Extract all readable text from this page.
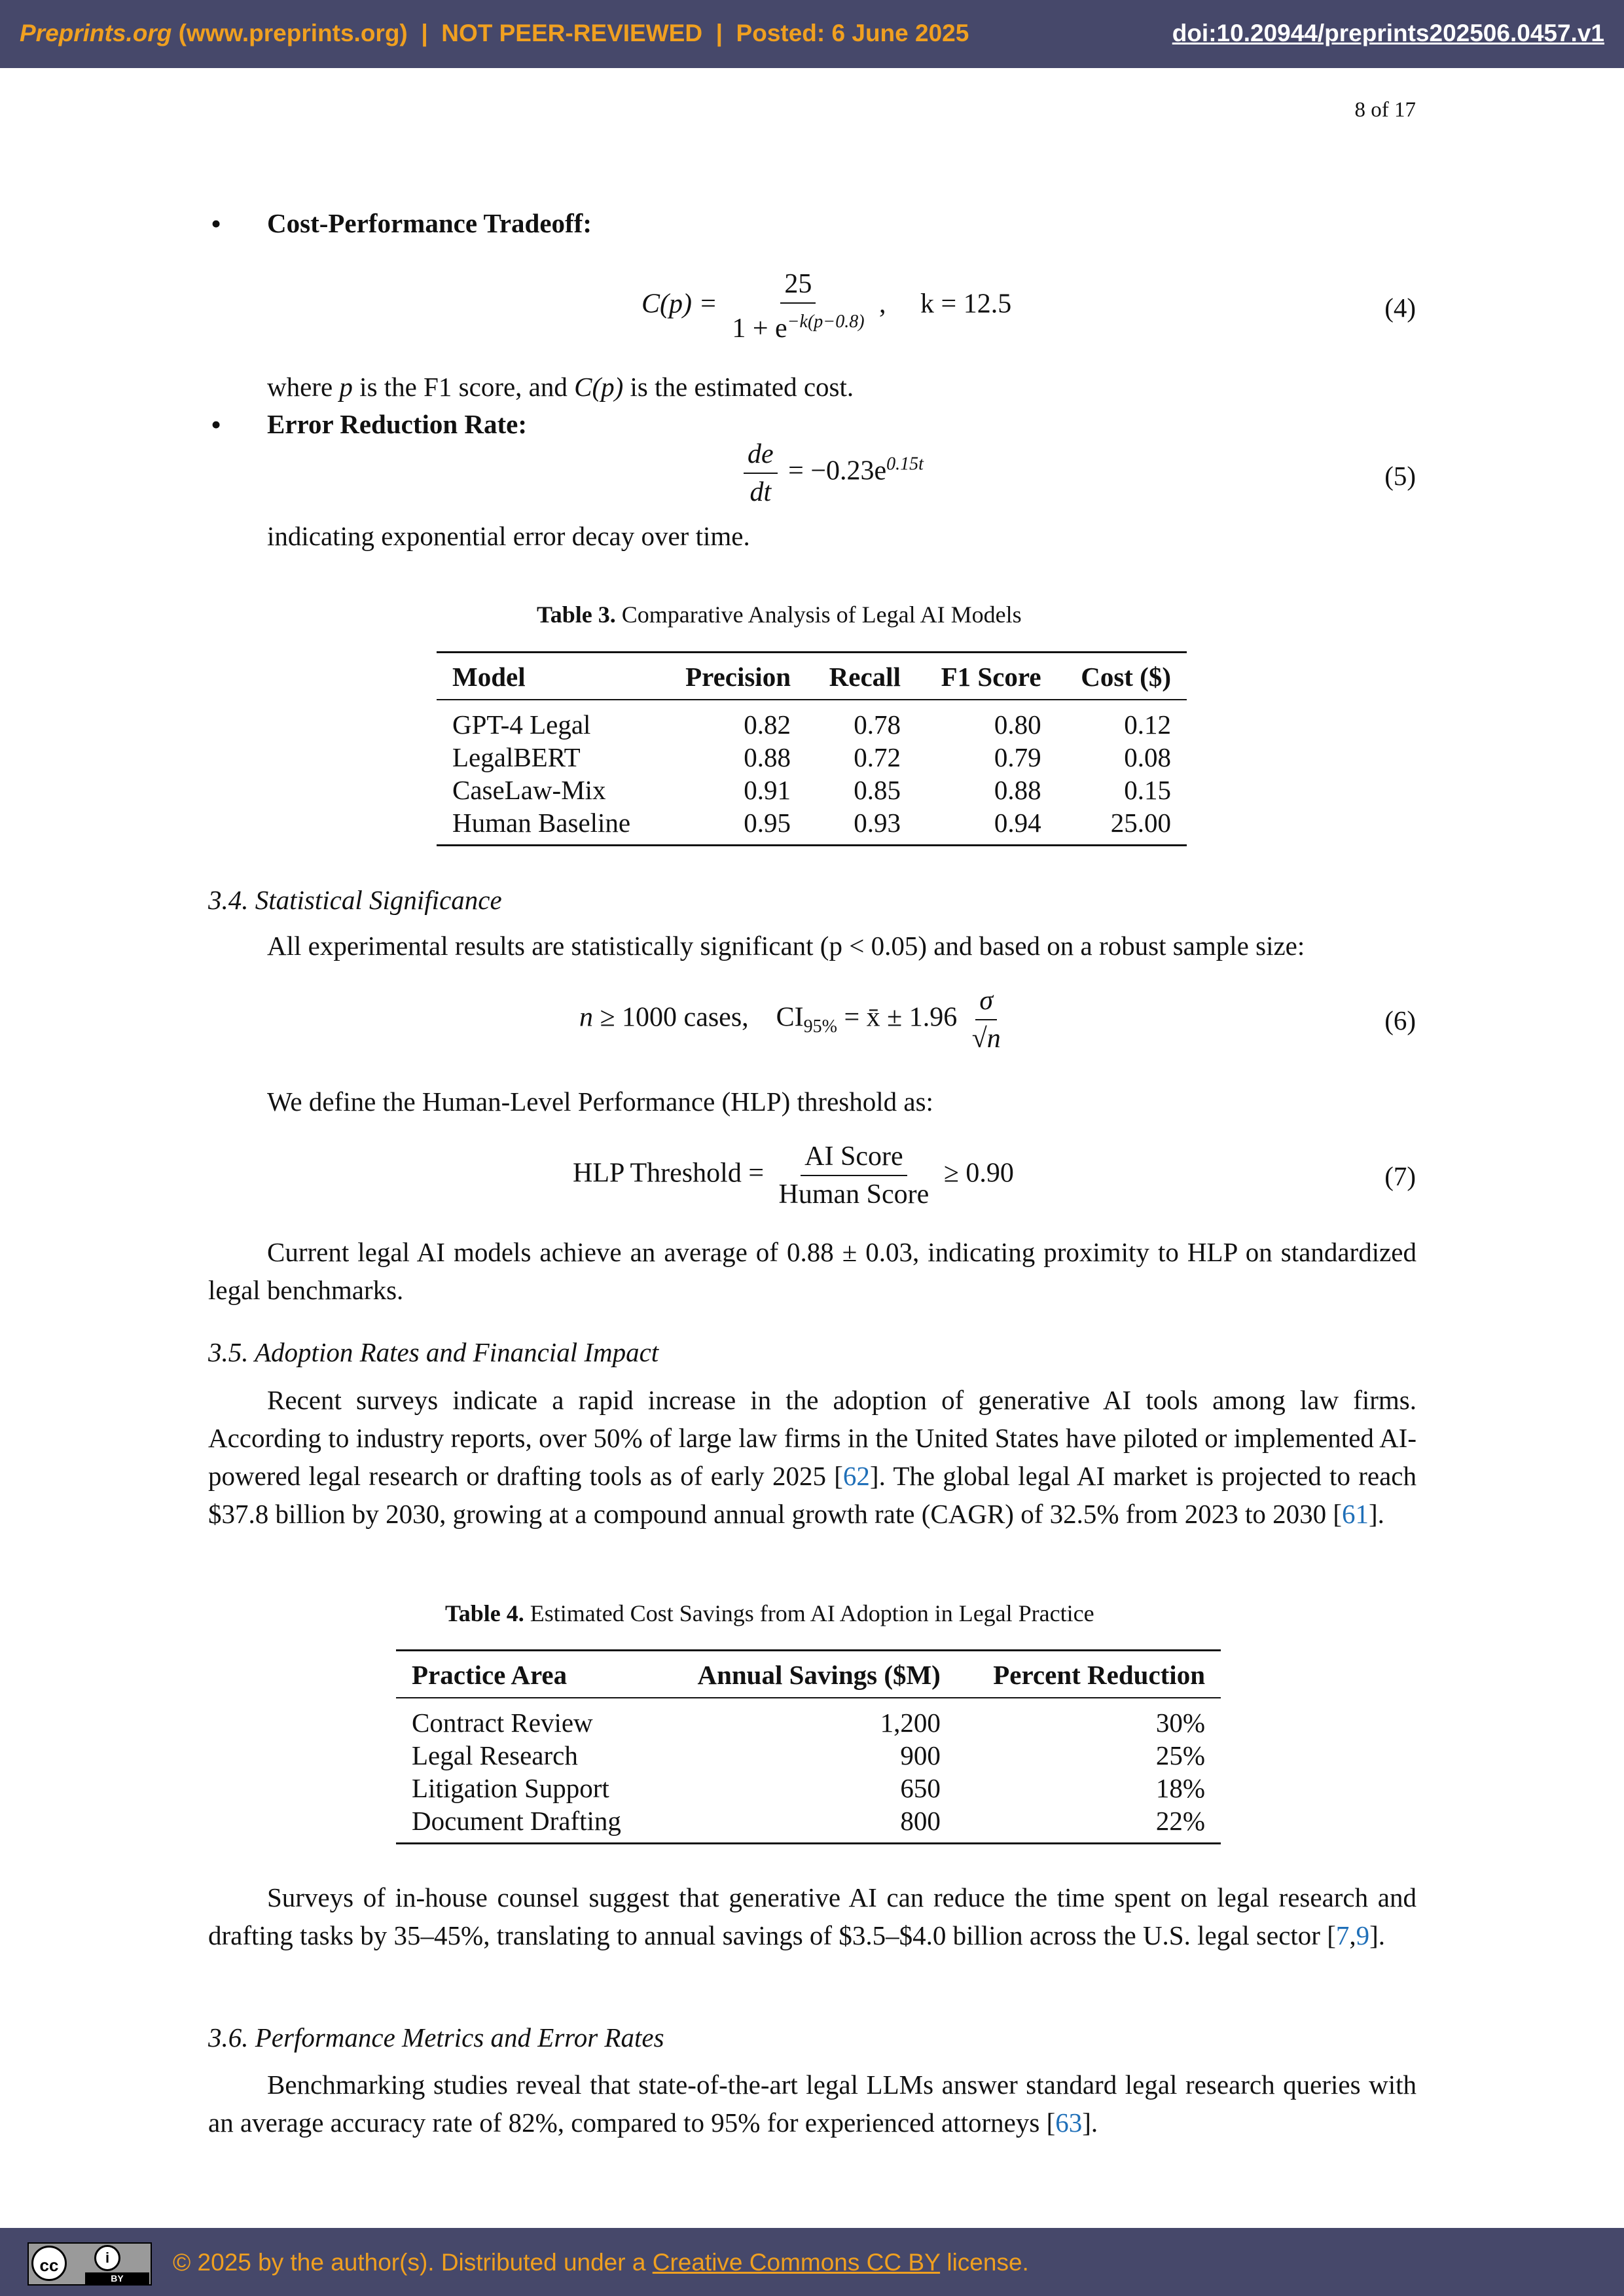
Preprints.org (www.preprints.org) | NOT PEER-REVIEWED | Posted: 6 June 2025	doi:10.20944/preprints202506.0457.v1
8 of 17
• Cost-Performance Tradeoff:
$C(p) = \frac{25}{1 + e^{-k(p-0.8)}}$ ,     k = 12.5	(4)
where p is the F1 score, and C(p) is the estimated cost.
• Error Reduction Rate:
$\frac{de}{dt} = -0.23e^{0.15t}$	(5)
indicating exponential error decay over time.
Table 3. Comparative Analysis of Legal AI Models
Model	Precision	Recall	F1 Score	Cost ($)
GPT-4 Legal	0.82	0.78	0.80	0.12
LegalBERT	0.88	0.72	0.79	0.08
CaseLaw-Mix	0.91	0.85	0.88	0.15
Human Baseline	0.95	0.93	0.94	25.00
3.4. Statistical Significance
All experimental results are statistically significant (p < 0.05) and based on a robust sample size:
n ≥ 1000 cases, $CI_{95\%}$ = x̄ ± $1.96 \frac{\sigma}{√n}$	(6)
We define the Human-Level Performance (HLP) threshold as:
HLP Threshold = $\frac{\text{AI Score}}{\text{Human Score}} \ge 0.90$	(7)
Current legal AI models achieve an average of 0.88 ± 0.03, indicating proximity to HLP on standardized legal benchmarks.
3.5. Adoption Rates and Financial Impact
Recent surveys indicate a rapid increase in the adoption of generative AI tools among law firms. According to industry reports, over 50% of large law firms in the United States have piloted or implemented AI-powered legal research or drafting tools as of early 2025 [62]. The global legal AI market is projected to reach $37.8 billion by 2030, growing at a compound annual growth rate (CAGR) of 32.5% from 2023 to 2030 [61].
Table 4. Estimated Cost Savings from AI Adoption in Legal Practice
Practice Area	Annual Savings ($M)	Percent Reduction
Contract Review	1,200	30%
Legal Research	900	25%
Litigation Support	650	18%
Document Drafting	800	22%
Surveys of in-house counsel suggest that generative AI can reduce the time spent on legal research and drafting tasks by 35–45%, translating to annual savings of $3.5–$4.0 billion across the U.S. legal sector [7,9].
3.6. Performance Metrics and Error Rates
Benchmarking studies reveal that state-of-the-art legal LLMs answer standard legal research queries with an average accuracy rate of 82%, compared to 95% for experienced attorneys [63].
cc	i
BY
© 2025 by the author(s). Distributed under a Creative Commons CC BY license.
